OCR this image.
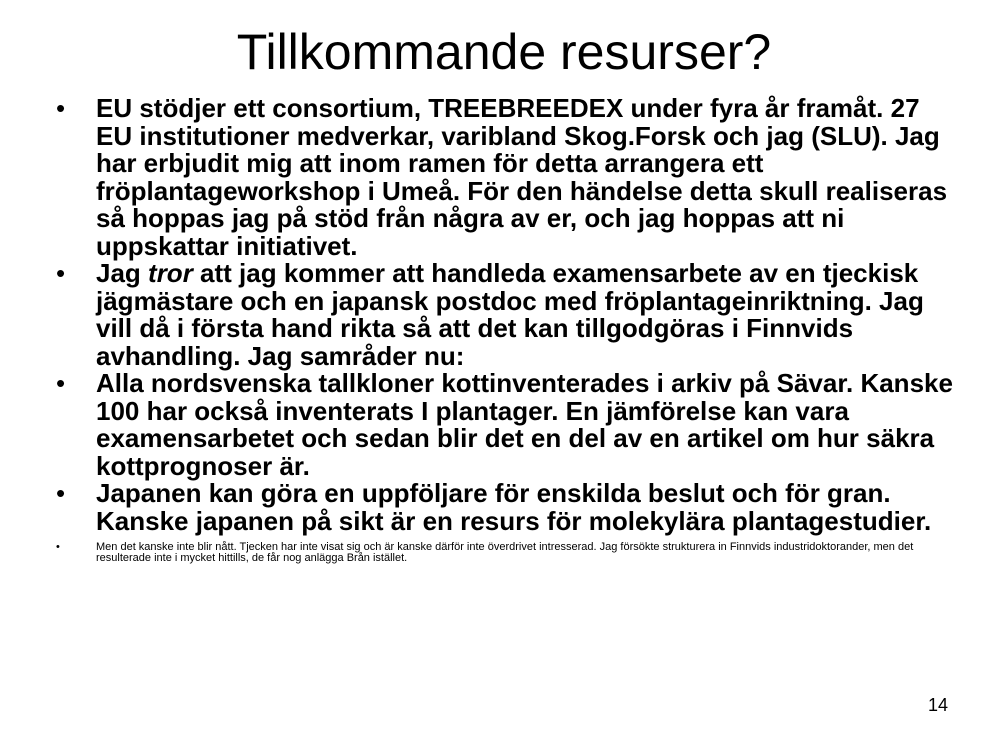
Tillkommande resurser?
•	EU stödjer ett consortium, TREEBREEDEX under fyra år framåt. 27 EU institutioner medverkar, varibland Skog.Forsk och jag (SLU). Jag har erbjudit mig att inom ramen för detta arrangera ett fröplantageworkshop i Umeå. För den händelse detta skull realiseras så hoppas jag på stöd från några av er, och jag hoppas att ni uppskattar initiativet.
•	Jag tror att jag kommer att handleda examensarbete av en tjeckisk jägmästare och en japansk postdoc med fröplantageinriktning. Jag vill då i första hand rikta så att det kan tillgodgöras i Finnvids avhandling. Jag samråder nu:
•	Alla nordsvenska tallkloner kottinventerades i arkiv på Sävar. Kanske 100 har också inventerats I plantager. En jämförelse kan vara examensarbetet och sedan blir det en del av en artikel om hur säkra kottprognoser är.
•	Japanen kan göra en uppföljare för enskilda beslut och för gran. Kanske japanen på sikt är en resurs för molekylära plantagestudier.
•	Men det kanske inte blir nått. Tjecken har inte visat sig och är kanske därför inte överdrivet intresserad. Jag försökte strukturera in Finnvids industridoktorander, men det resulterade inte i mycket hittills, de får nog anlägga Brån istället.
14
